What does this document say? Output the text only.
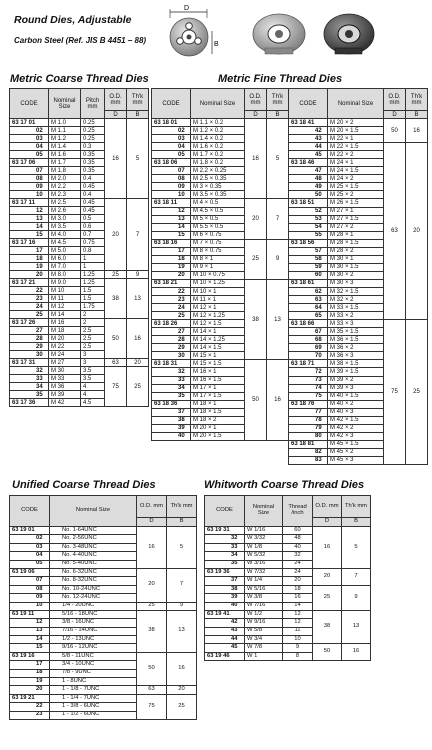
Round Dies, Adjustable
Carbon Steel (Ref. JIS B 4451 – 88)
D
B
Metric Coarse Thread Dies	Metric Fine Thread Dies
Unified Coarse Thread Dies	Whitworth Coarse Thread Dies
CODE	Nominal Size	Pitch mm	O.D. mm	Th'k mm
			D	B
63 17 01	M 1.0	0.25	16	5
02	M 1.1	0.25		
03	M 1.2	0.25		
04	M 1.4	0.3		
05	M 1.6	0.35		
63 17 06	M 1.7	0.35		
07	M 1.8	0.35		
08	M 2.0	0.4		
09	M 2.2	0.45		
10	M 2.3	0.4		
63 17 11	M 2.5	0.45	20	7
12	M 2.6	0.45		
13	M 3.0	0.5		
14	M 3.5	0.6		
15	M 4.0	0.7		
63 17 16	M 4.5	0.75		
17	M 5.0	0.8		
18	M 6.0	1		
19	M 7.0	1		
20	M 8.0	1.25	25	9
63 17 21	M 9.0	1.25	38	13
22	M 10	1.5		
23	M 11	1.5		
24	M 12	1.75		
25	M 14	2		
63 17 26	M 16	2	50	16
27	M 18	2.5		
28	M 20	2.5		
29	M 22	2.5		
30	M 24	3		
63 17 31	M 27	3	63	20
32	M 30	3.5	75	25
33	M 33	3.5		
34	M 36	4		
35	M 39	4		
63 17 36	M 42	4.5		
CODE	Nominal Size	O.D. mm	Th'k mm	CODE	Nominal Size	O.D. mm	Th'k mm
		D	B			D	B
63 18 01	M 1.1 × 0.2	16	5	63 18 41	M 20 × 2	50	16
02	M 1.2 × 0.2			42	M 20 × 1.5		
03	M 1.4 × 0.2			43	M 22 × 1		
04	M 1.6 × 0.2			44	M 22 × 1.5	63	20
05	M 1.7 × 0.2			45	M 22 × 2		
63 18 06	M 1.8 × 0.2			63 18 46	M 24 × 1		
07	M 2.2 × 0.25			47	M 24 × 1.5		
08	M 2.5 × 0.35			48	M 24 × 2		
09	M 3 × 0.35			49	M 25 × 1.5		
10	M 3.5 × 0.35			50	M 25 × 2		
63 18 11	M 4 × 0.5	20	7	63 18 51	M 26 × 1.5		
12	M 4.5 × 0.5			52	M 27 × 1		
13	M 5 × 0.5			53	M 27 × 1.5		
14	M 5.5 × 0.5			54	M 27 × 2		
15	M 6 × 0.75			55	M 28 × 1		
63 18 16	M 7 × 0.75	25	9	63 18 56	M 28 × 1.5		
17	M 8 × 0.75			57	M 28 × 2		
18	M 8 × 1			58	M 30 × 1		
19	M 9 × 1			59	M 30 × 1.5		
20	M 10 × 0.75			60	M 30 × 2		
63 18 21	M 10 × 1.25	38	13	63 18 61	M 30 × 3		
22	M 10 × 1			62	M 32 × 1.5		
23	M 11 × 1			63	M 32 × 2		
24	M 12 × 1			64	M 33 × 1.5		
25	M 12 × 1.25			65	M 33 × 2		
63 18 26	M 12 × 1.5			63 18 66	M 33 × 3	75	25
27	M 14 × 1			67	M 35 × 1.5		
28	M 14 × 1.25			68	M 36 × 1.5		
29	M 14 × 1.5			69	M 36 × 2		
30	M 15 × 1			70	M 36 × 3		
63 18 31	M 15 × 1.5	50	16	63 18 71	M 38 × 1.5		
32	M 16 × 1			72	M 39 × 1.5		
33	M 16 × 1.5			73	M 39 × 2		
34	M 17 × 1			74	M 39 × 3		
35	M 17 × 1.5			75	M 40 × 1.5		
63 18 36	M 18 × 1			63 18 76	M 40 × 2		
37	M 18 × 1.5			77	M 40 × 3		
38	M 18 × 2			78	M 42 × 1.5		
39	M 20 × 1			79	M 42 × 2		
40	M 20 × 1.5			80	M 42 × 3		
				63 18 81	M 45 × 1.5		
				82	M 45 × 2		
				83	M 45 × 3		
CODE	Nominal Size	O.D. mm	Th'k mm
		D	B
63 19 01	No. 1-64UNC	16	5
02	No. 2-56UNC		
03	No. 3-48UNC		
04	No. 4-40UNC		
05	No. 5-40UNC		
63 19 06	No. 6-32UNC	20	7
07	No. 8-32UNC		
08	No. 10-24UNC		
09	No. 12-24UNC		
10	1/4 - 20UNC	25	9
63 19 11	5/16 - 18UNC	38	13
12	3/8 - 16UNC		
13	7/16 - 14UNC		
14	1/2 - 13UNC		
15	9/16 - 12UNC		
63 19 16	5/8 - 11UNC	50	16
17	3/4 - 10UNC		
18	7/8 - 9UNC		
19	1 - 8UNC		
20	1 - 1/8 - 7UNC	63	20
63 19 21	1 - 1/4 - 7UNC	75	25
22	1 - 3/8 - 6UNC		
23	1 - 1/2 - 6UNC		
CODE	Nominal Size	Thread /inch	O.D. mm	Th'k mm
			D	B
63 19 31	W 1/16	60	16	5
32	W 3/32	48		
33	W 1/8	40		
34	W 5/32	32		
35	W 3/16	24		
63 19 36	W 7/32	24	20	7
37	W 1/4	20		
38	W 5/16	18	25	9
39	W 3/8	16		
40	W 7/16	14		
63 19 41	W 1/2	12	38	13
42	W 9/16	12		
43	W 5/8	11		
44	W 3/4	10		
45	W 7/8	9	50	16
63 19 46	W 1	8		
